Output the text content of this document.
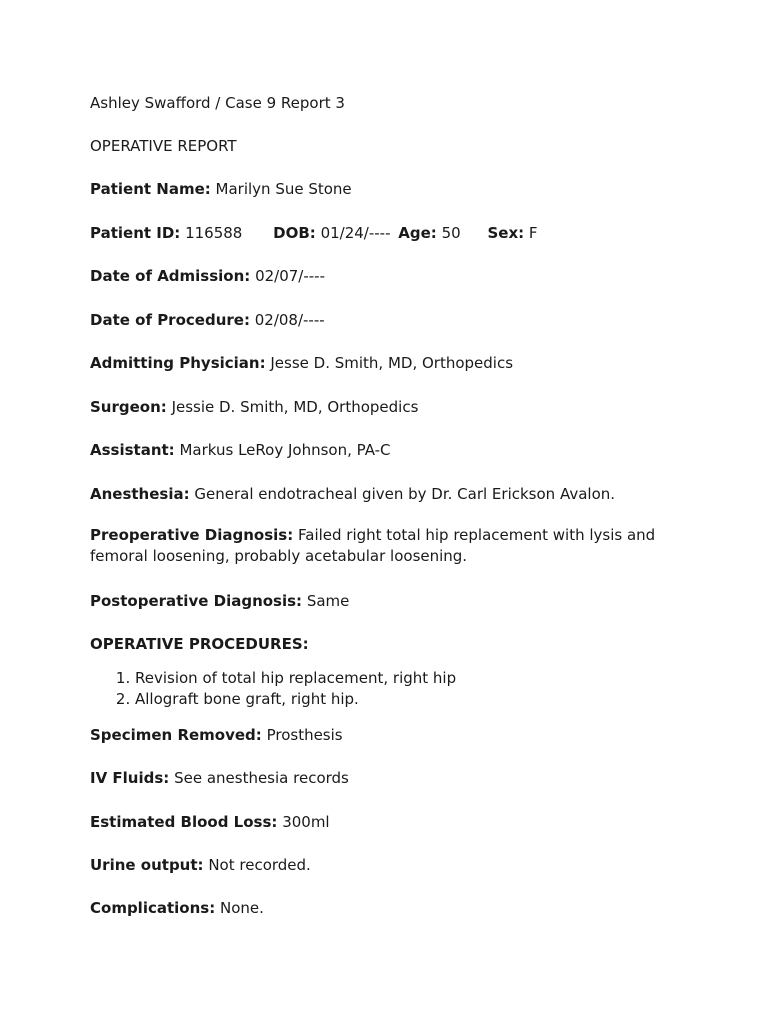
Ashley Swafford / Case 9 Report 3
OPERATIVE REPORT
Patient Name: Marilyn Sue Stone
Patient ID: 116588 DOB: 01/24/---- Age: 50 Sex: F
Date of Admission: 02/07/----
Date of Procedure: 02/08/----
Admitting Physician: Jesse D. Smith, MD, Orthopedics
Surgeon: Jessie D. Smith, MD, Orthopedics
Assistant: Markus LeRoy Johnson, PA-C
Anesthesia: General endotracheal given by Dr. Carl Erickson Avalon.
Preoperative Diagnosis: Failed right total hip replacement with lysis and femoral loosening, probably acetabular loosening.
Postoperative Diagnosis: Same
OPERATIVE PROCEDURES:
1. Revision of total hip replacement, right hip
2. Allograft bone graft, right hip.
Specimen Removed: Prosthesis
IV Fluids: See anesthesia records
Estimated Blood Loss: 300ml
Urine output: Not recorded.
Complications: None.
